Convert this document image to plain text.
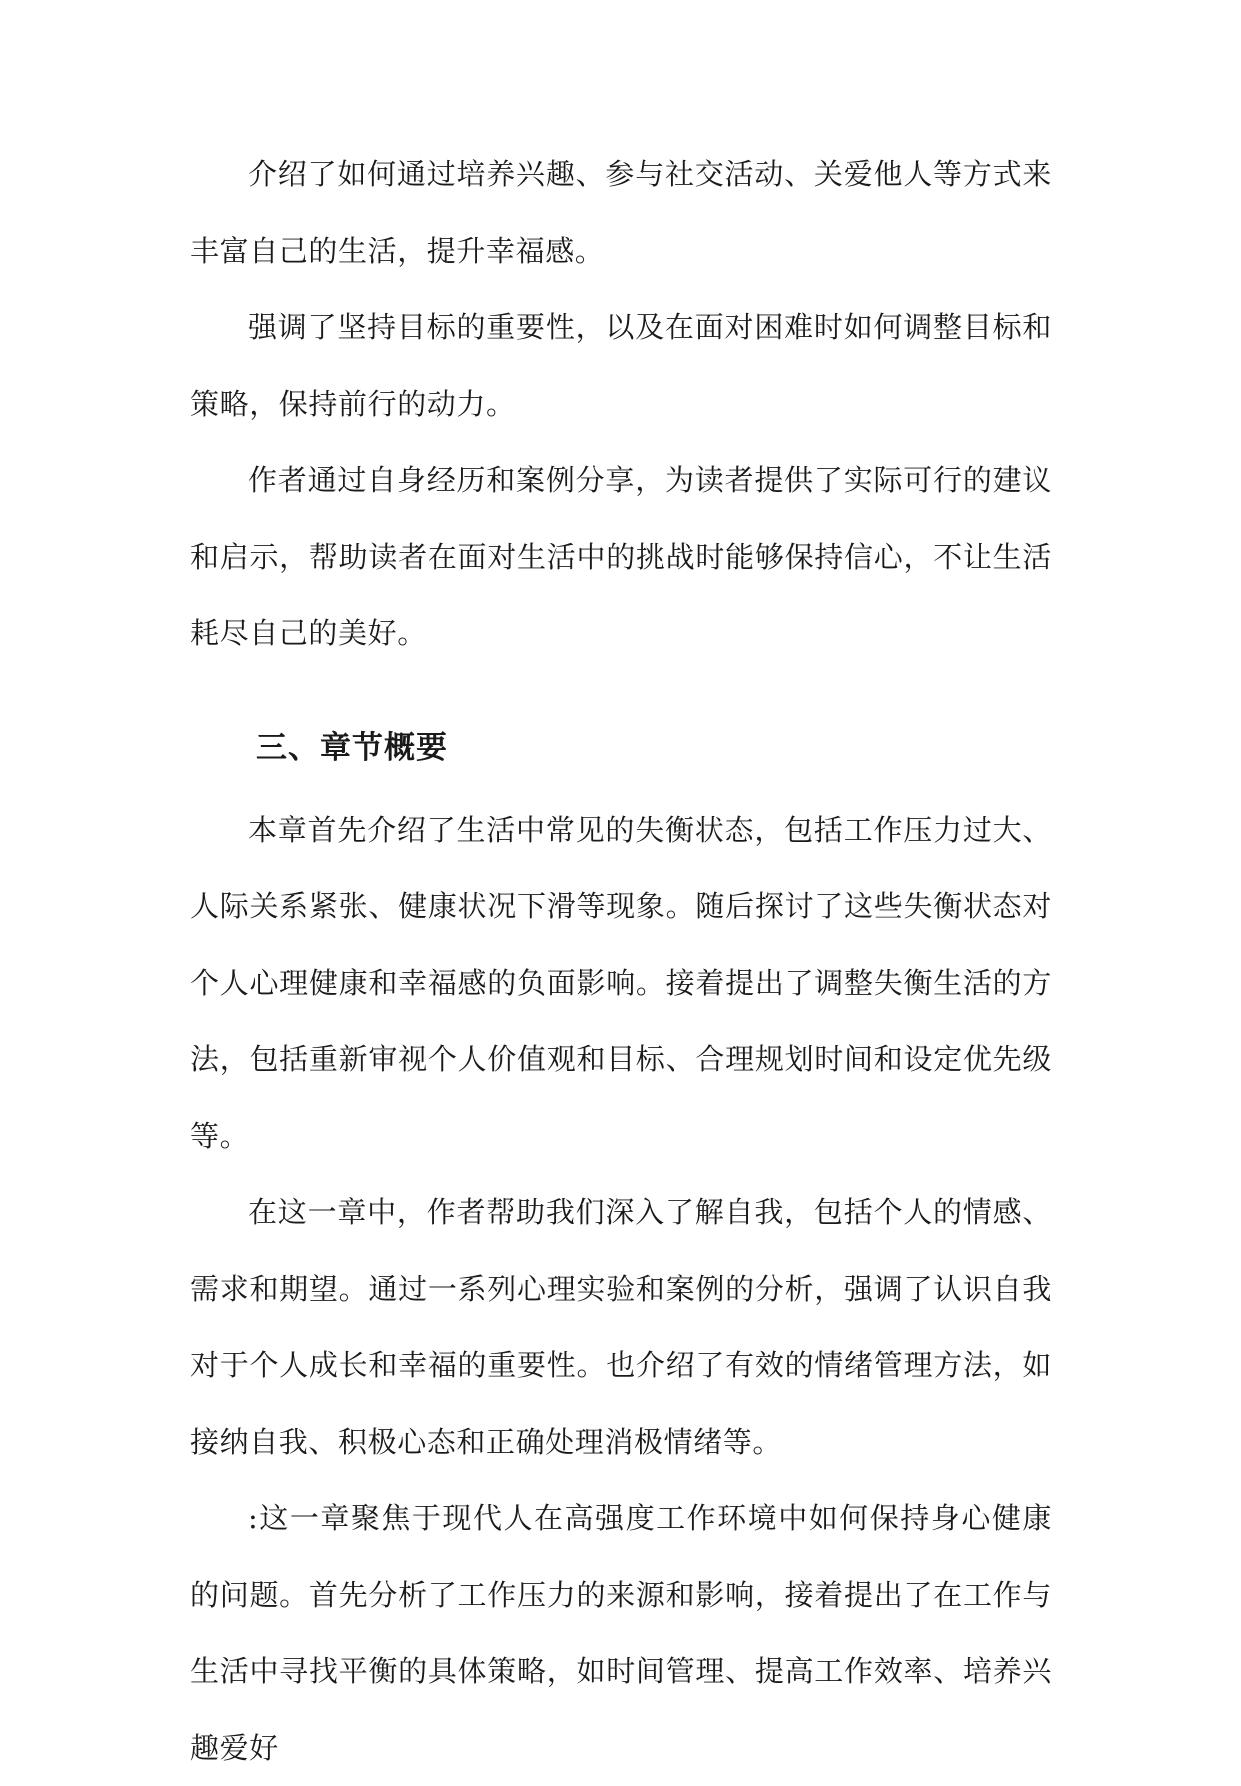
介绍了如何通过培养兴趣、参与社交活动、关爱他人等方式来丰富自己的生活，提升幸福感。

强调了坚持目标的重要性，以及在面对困难时如何调整目标和策略，保持前行的动力。

作者通过自身经历和案例分享，为读者提供了实际可行的建议和启示，帮助读者在面对生活中的挑战时能够保持信心，不让生活耗尽自己的美好。

三、章节概要

本章首先介绍了生活中常见的失衡状态，包括工作压力过大、人际关系紧张、健康状况下滑等现象。随后探讨了这些失衡状态对个人心理健康和幸福感的负面影响。接着提出了调整失衡生活的方法，包括重新审视个人价值观和目标、合理规划时间和设定优先级等。

在这一章中，作者帮助我们深入了解自我，包括个人的情感、需求和期望。通过一系列心理实验和案例的分析，强调了认识自我对于个人成长和幸福的重要性。也介绍了有效的情绪管理方法，如接纳自我、积极心态和正确处理消极情绪等。

:这一章聚焦于现代人在高强度工作环境中如何保持身心健康的问题。首先分析了工作压力的来源和影响，接着提出了在工作与生活中寻找平衡的具体策略，如时间管理、提高工作效率、培养兴趣爱好
